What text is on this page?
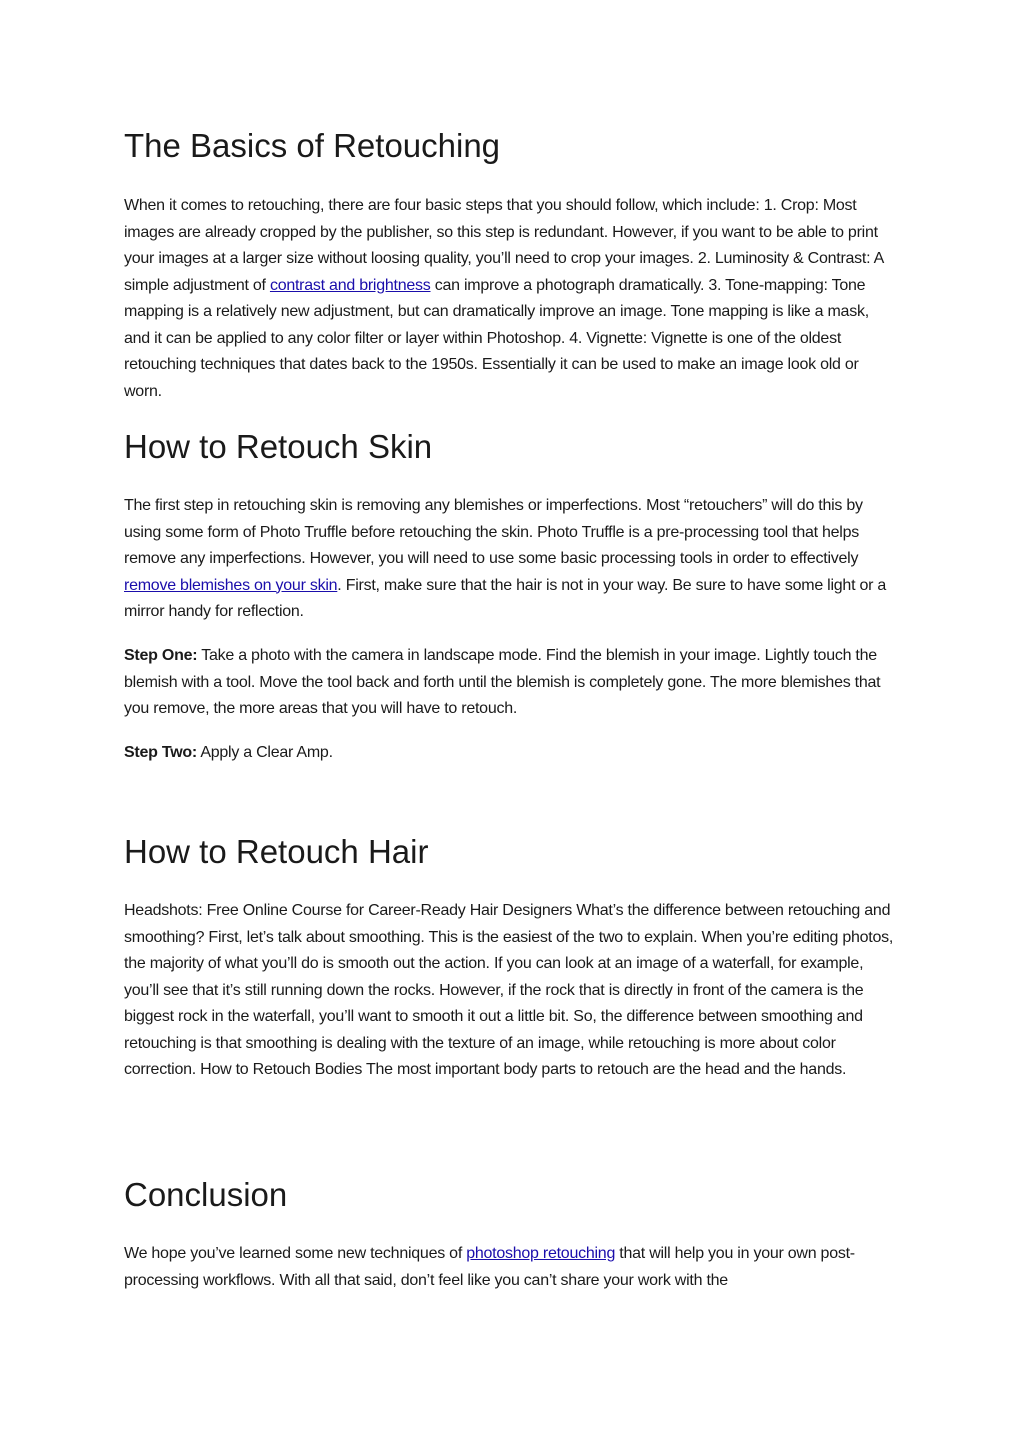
The Basics of Retouching

When it comes to retouching, there are four basic steps that you should follow, which include: 1. Crop: Most images are already cropped by the publisher, so this step is redundant. However, if you want to be able to print your images at a larger size without loosing quality, you’ll need to crop your images. 2. Luminosity & Contrast: A simple adjustment of contrast and brightness can improve a photograph dramatically. 3. Tone-mapping: Tone mapping is a relatively new adjustment, but can dramatically improve an image. Tone mapping is like a mask, and it can be applied to any color filter or layer within Photoshop. 4. Vignette: Vignette is one of the oldest retouching techniques that dates back to the 1950s. Essentially it can be used to make an image look old or worn.

How to Retouch Skin

The first step in retouching skin is removing any blemishes or imperfections. Most “retouchers” will do this by using some form of Photo Truffle before retouching the skin. Photo Truffle is a pre-processing tool that helps remove any imperfections. However, you will need to use some basic processing tools in order to effectively remove blemishes on your skin. First, make sure that the hair is not in your way. Be sure to have some light or a mirror handy for reflection.

Step One: Take a photo with the camera in landscape mode. Find the blemish in your image. Lightly touch the blemish with a tool. Move the tool back and forth until the blemish is completely gone. The more blemishes that you remove, the more areas that you will have to retouch.

Step Two: Apply a Clear Amp.

How to Retouch Hair

Headshots: Free Online Course for Career-Ready Hair Designers What’s the difference between retouching and smoothing? First, let’s talk about smoothing. This is the easiest of the two to explain. When you’re editing photos, the majority of what you’ll do is smooth out the action. If you can look at an image of a waterfall, for example, you’ll see that it’s still running down the rocks. However, if the rock that is directly in front of the camera is the biggest rock in the waterfall, you’ll want to smooth it out a little bit. So, the difference between smoothing and retouching is that smoothing is dealing with the texture of an image, while retouching is more about color correction. How to Retouch Bodies The most important body parts to retouch are the head and the hands.

Conclusion

We hope you’ve learned some new techniques of photoshop retouching that will help you in your own post-processing workflows. With all that said, don’t feel like you can’t share your work with the
